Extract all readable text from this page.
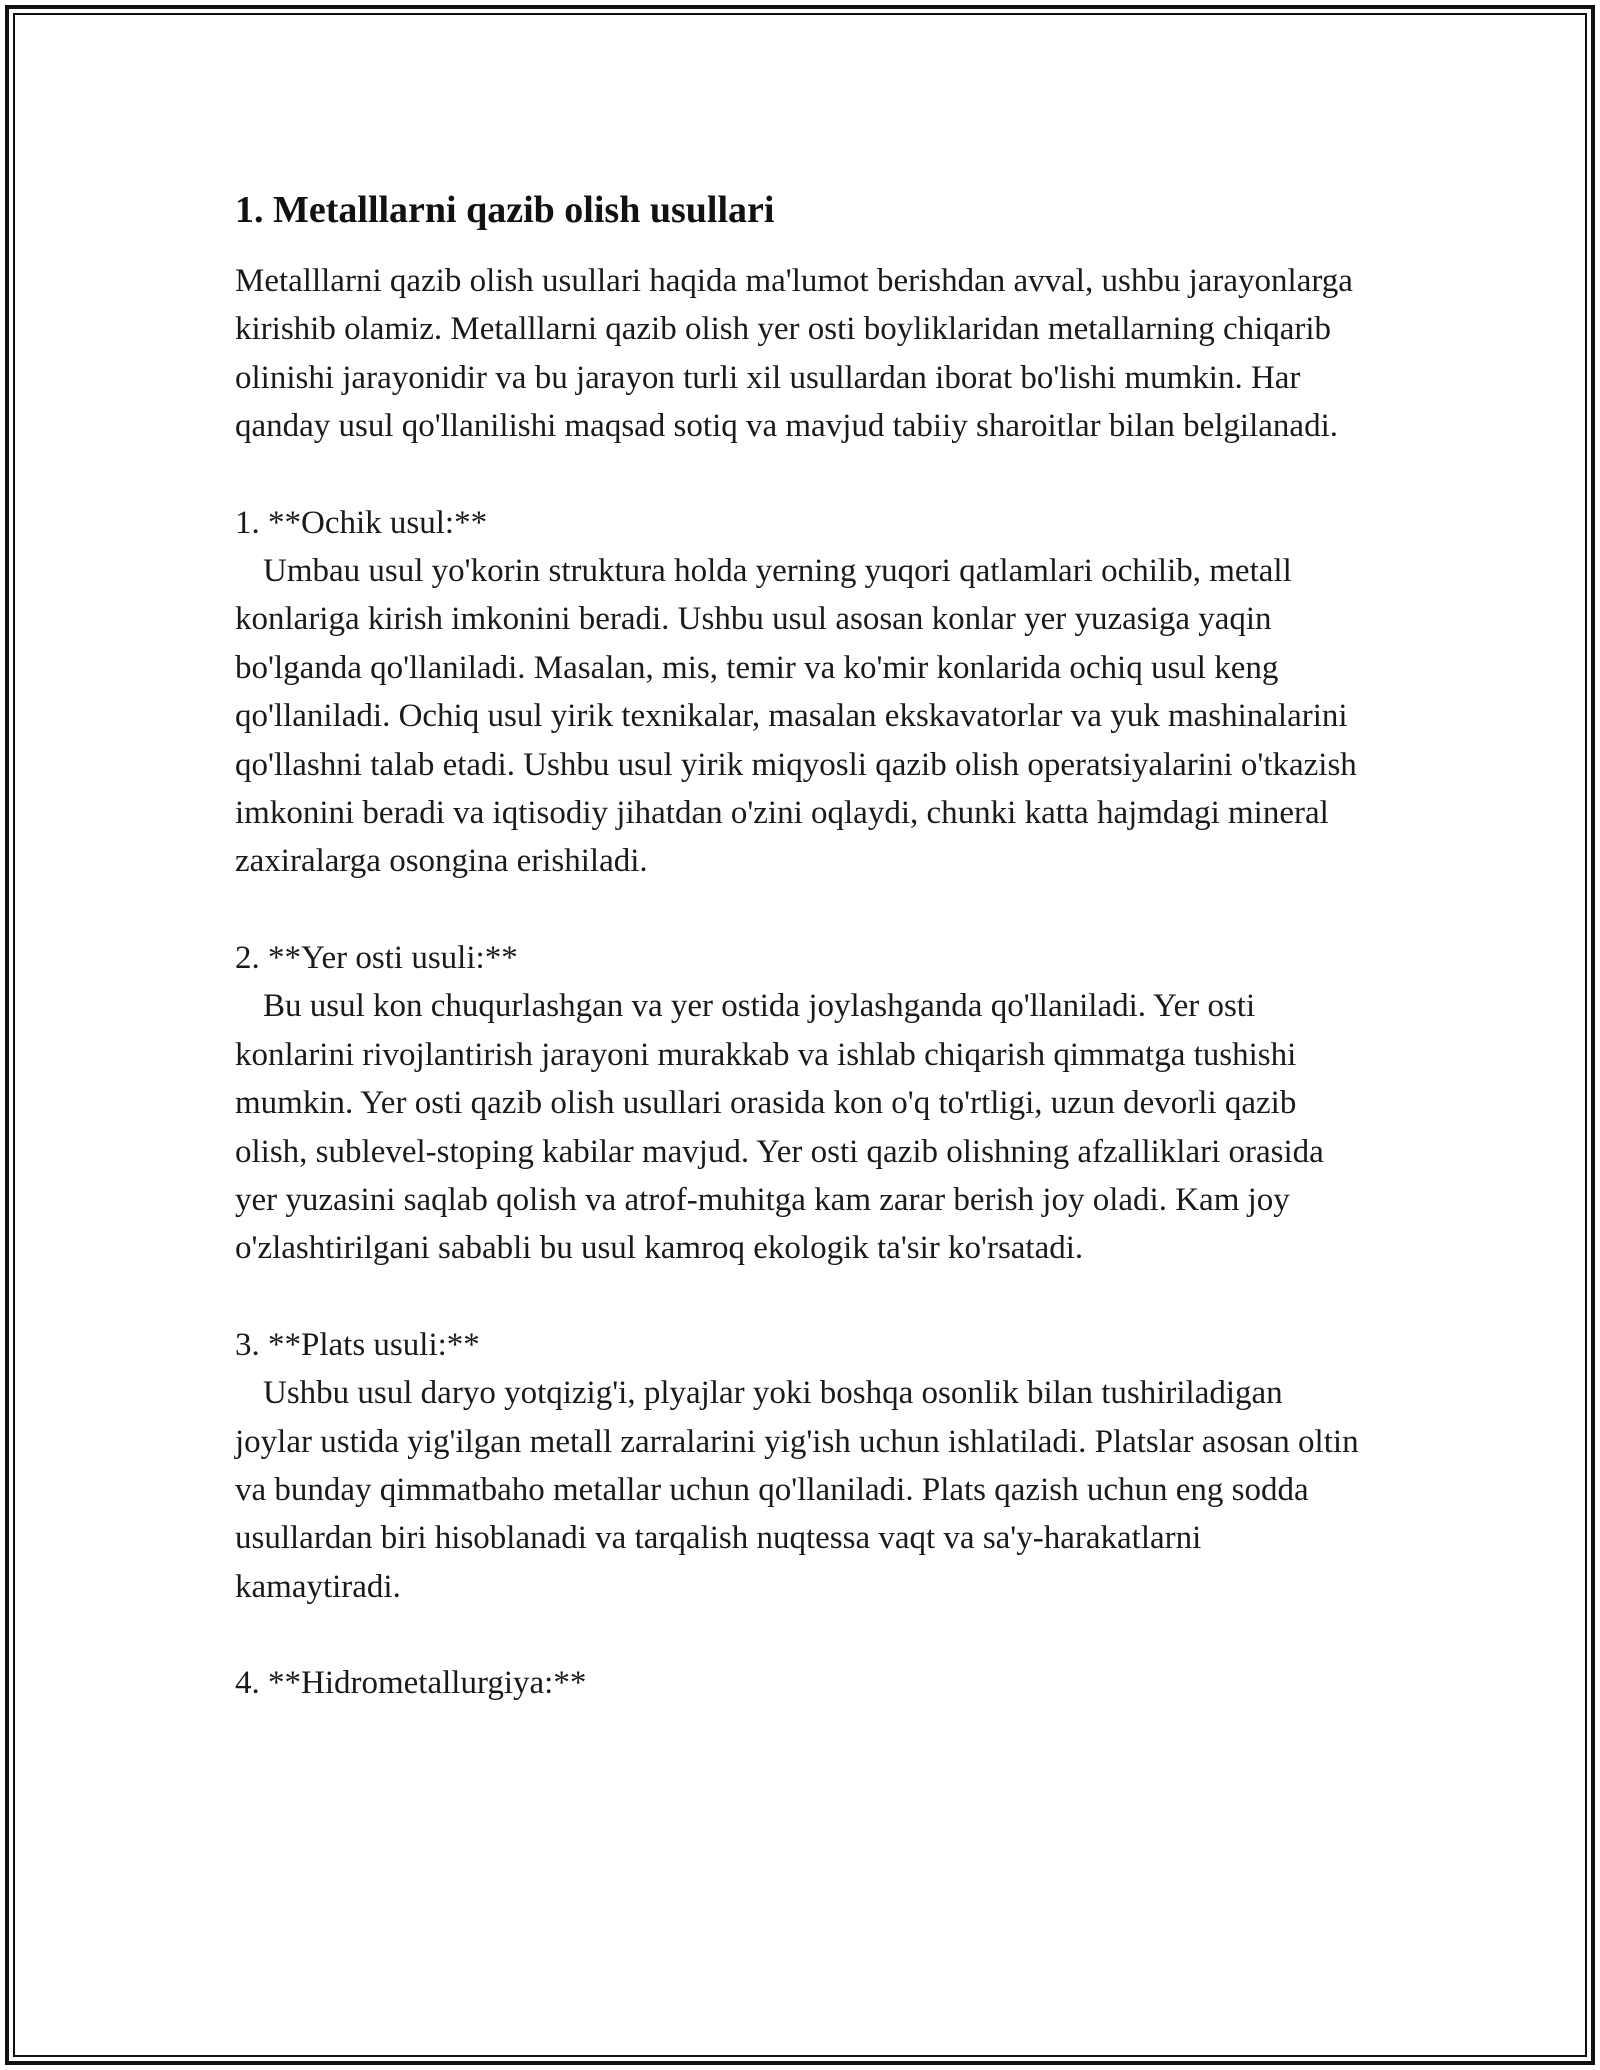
1. Metalllarni qazib olish usullari

Metalllarni qazib olish usullari haqida ma'lumot berishdan avval, ushbu jarayonlarga kirishib olamiz. Metalllarni qazib olish yer osti boyliklaridan metallarning chiqarib olinishi jarayonidir va bu jarayon turli xil usullardan iborat bo'lishi mumkin. Har qanday usul qo'llanilishi maqsad sotiq va mavjud tabiiy sharoitlar bilan belgilanadi.

1. **Ochik usul:**

Umbau usul yo'korin struktura holda yerning yuqori qatlamlari ochilib, metall konlariga kirish imkonini beradi. Ushbu usul asosan konlar yer yuzasiga yaqin bo'lganda qo'llaniladi. Masalan, mis, temir va ko'mir konlarida ochiq usul keng qo'llaniladi. Ochiq usul yirik texnikalar, masalan ekskavatorlar va yuk mashinalarini qo'llashni talab etadi. Ushbu usul yirik miqyosli qazib olish operatsiyalarini o'tkazish imkonini beradi va iqtisodiy jihatdan o'zini oqlaydi, chunki katta hajmdagi mineral zaxiralarga osongina erishiladi.

2. **Yer osti usuli:**

Bu usul kon chuqurlashgan va yer ostida joylashganda qo'llaniladi. Yer osti konlarini rivojlantirish jarayoni murakkab va ishlab chiqarish qimmatga tushishi mumkin. Yer osti qazib olish usullari orasida kon o'q to'rtligi, uzun devorli qazib olish, sublevel-stoping kabilar mavjud. Yer osti qazib olishning afzalliklari orasida yer yuzasini saqlab qolish va atrof-muhitga kam zarar berish joy oladi. Kam joy o'zlashtirilgani sababli bu usul kamroq ekologik ta'sir ko'rsatadi.

3. **Plats usuli:**

Ushbu usul daryo yotqizig'i, plyajlar yoki boshqa osonlik bilan tushiriladigan joylar ustida yig'ilgan metall zarralarini yig'ish uchun ishlatiladi. Platslar asosan oltin va bunday qimmatbaho metallar uchun qo'llaniladi. Plats qazish uchun eng sodda usullardan biri hisoblanadi va tarqalish nuqtessa vaqt va sa'y-harakatlarni kamaytiradi.

4. **Hidrometallurgiya:**
